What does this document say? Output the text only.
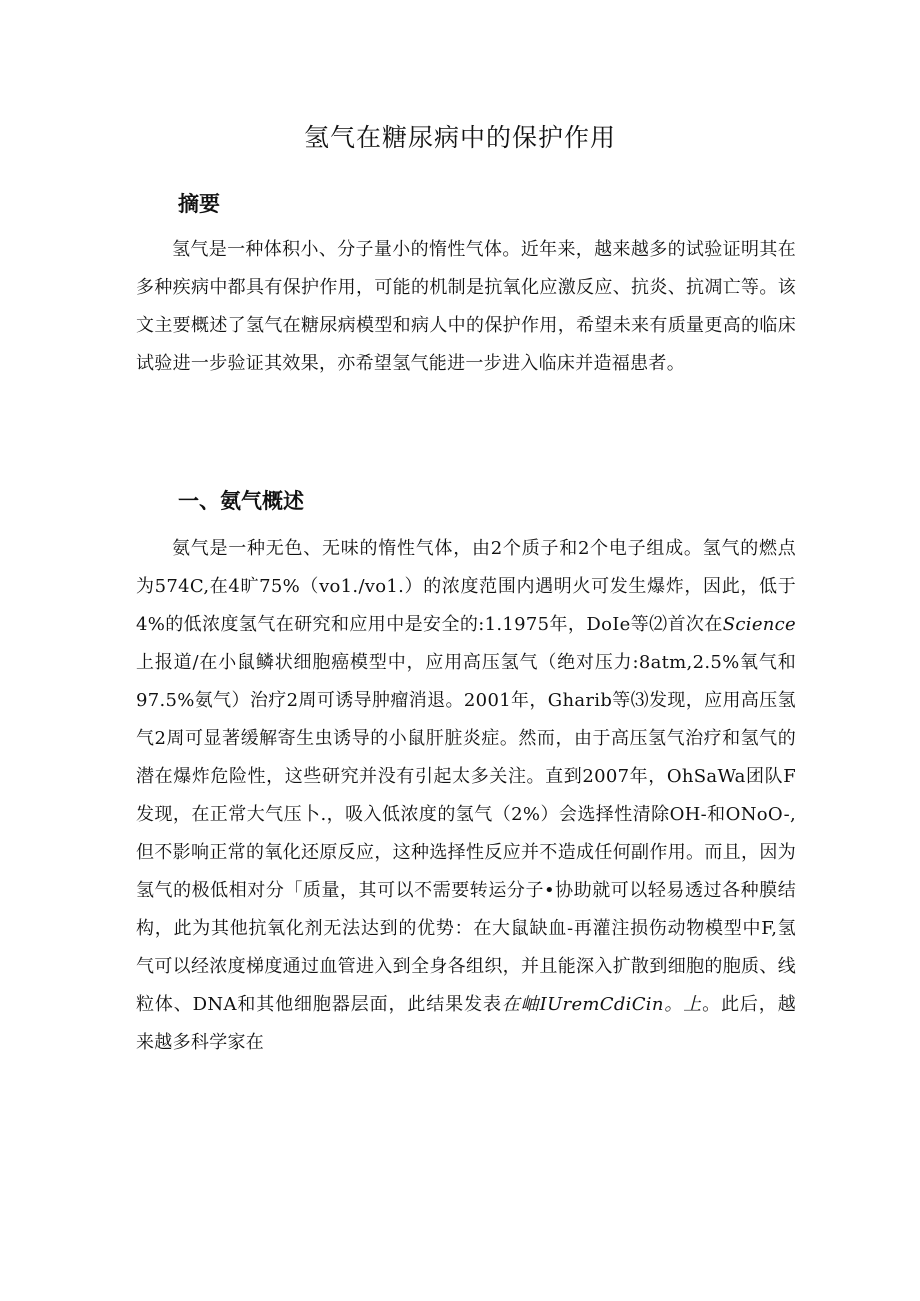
氢气在糖尿病中的保护作用
摘要

氢气是一种体积小、分子量小的惰性气体。近年来，越来越多的试验证明其在多种疾病中都具有保护作用，可能的机制是抗氧化应激反应、抗炎、抗凋亡等。该文主要概述了氢气在糖尿病模型和病人中的保护作用，希望未来有质量更高的临床试验进一步验证其效果，亦希望氢气能进一步进入临床并造福患者。

一、氨气概述

氨气是一种无色、无味的惰性气体，由2个质子和2个电子组成。氢气的燃点为574C,在4旷75%（vo1./vo1.）的浓度范围内遇明火可发生爆炸，因此，低于4%的低浓度氢气在研究和应用中是安全的:1.1975年，DoIe等⑵首次在Science上报道/在小鼠鳞状细胞癌模型中，应用高压氢气（绝对压力:8atm,2.5%氧气和97.5%氨气）治疗2周可诱导肿瘤消退。2001年，Gharib等⑶发现，应用高压氢气2周可显著缓解寄生虫诱导的小鼠肝脏炎症。然而，由于高压氢气治疗和氢气的潜在爆炸危险性，这些研究并没有引起太多关注。直到2007年，OhSaWa团队F发现，在正常大气压卜.，吸入低浓度的氢气（2%）会选择性清除OH-和ONoO-,但不影响正常的氧化还原反应，这种选择性反应并不造成任何副作用。而且，因为氢气的极低相对分「质量，其可以不需要转运分子•协助就可以轻易透过各种膜结构，此为其他抗氧化剂无法达到的优势：在大鼠缺血-再灌注损伤动物模型中F,氢气可以经浓度梯度通过血管进入到全身各组织，并且能深入扩散到细胞的胞质、线粒体、DNA和其他细胞器层面，此结果发表在岫IUremCdiCin。上。此后，越来越多科学家在
